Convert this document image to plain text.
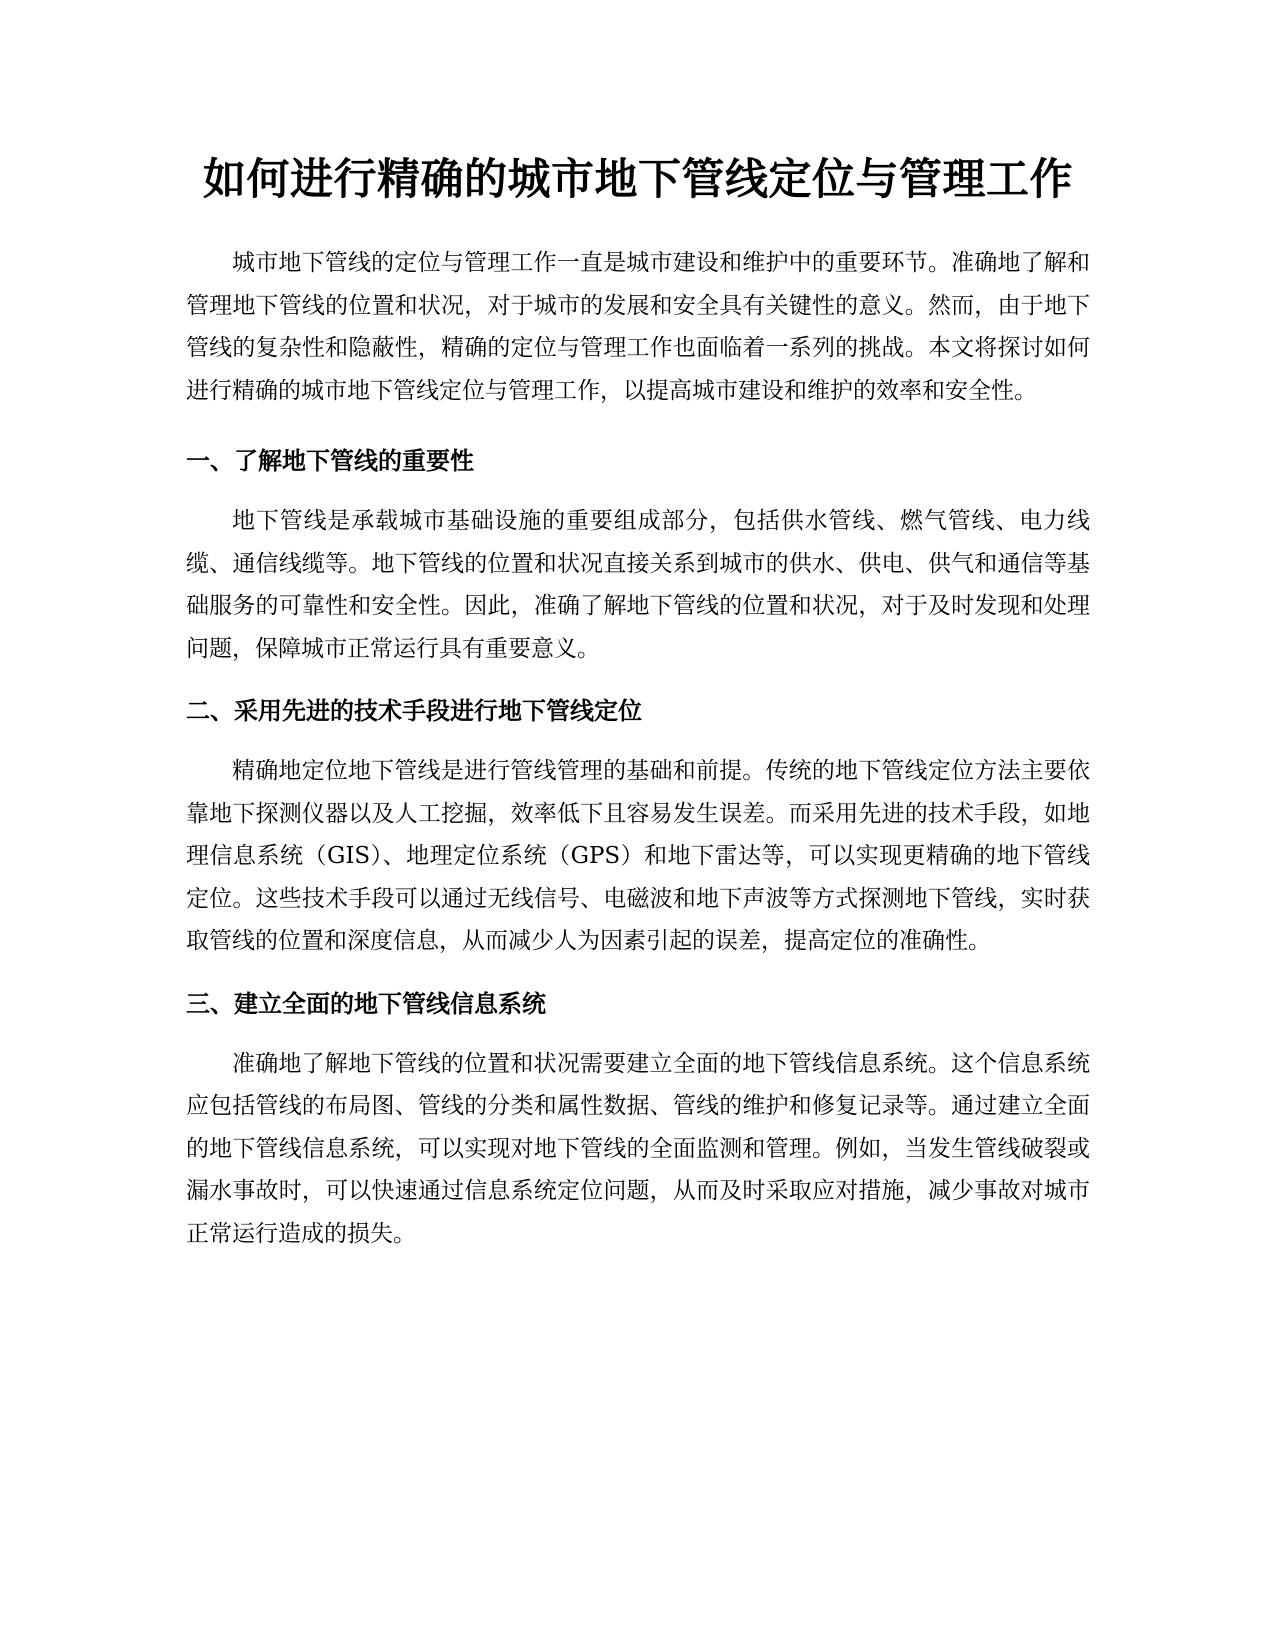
如何进行精确的城市地下管线定位与管理工作

城市地下管线的定位与管理工作一直是城市建设和维护中的重要环节。准确地了解和管理地下管线的位置和状况，对于城市的发展和安全具有关键性的意义。然而，由于地下管线的复杂性和隐蔽性，精确的定位与管理工作也面临着一系列的挑战。本文将探讨如何进行精确的城市地下管线定位与管理工作，以提高城市建设和维护的效率和安全性。

一、了解地下管线的重要性

地下管线是承载城市基础设施的重要组成部分，包括供水管线、燃气管线、电力线缆、通信线缆等。地下管线的位置和状况直接关系到城市的供水、供电、供气和通信等基础服务的可靠性和安全性。因此，准确了解地下管线的位置和状况，对于及时发现和处理问题，保障城市正常运行具有重要意义。

二、采用先进的技术手段进行地下管线定位

精确地定位地下管线是进行管线管理的基础和前提。传统的地下管线定位方法主要依靠地下探测仪器以及人工挖掘，效率低下且容易发生误差。而采用先进的技术手段，如地理信息系统（GIS）、地理定位系统（GPS）和地下雷达等，可以实现更精确的地下管线定位。这些技术手段可以通过无线信号、电磁波和地下声波等方式探测地下管线，实时获取管线的位置和深度信息，从而减少人为因素引起的误差，提高定位的准确性。

三、建立全面的地下管线信息系统

准确地了解地下管线的位置和状况需要建立全面的地下管线信息系统。这个信息系统应包括管线的布局图、管线的分类和属性数据、管线的维护和修复记录等。通过建立全面的地下管线信息系统，可以实现对地下管线的全面监测和管理。例如，当发生管线破裂或漏水事故时，可以快速通过信息系统定位问题，从而及时采取应对措施，减少事故对城市正常运行造成的损失。
